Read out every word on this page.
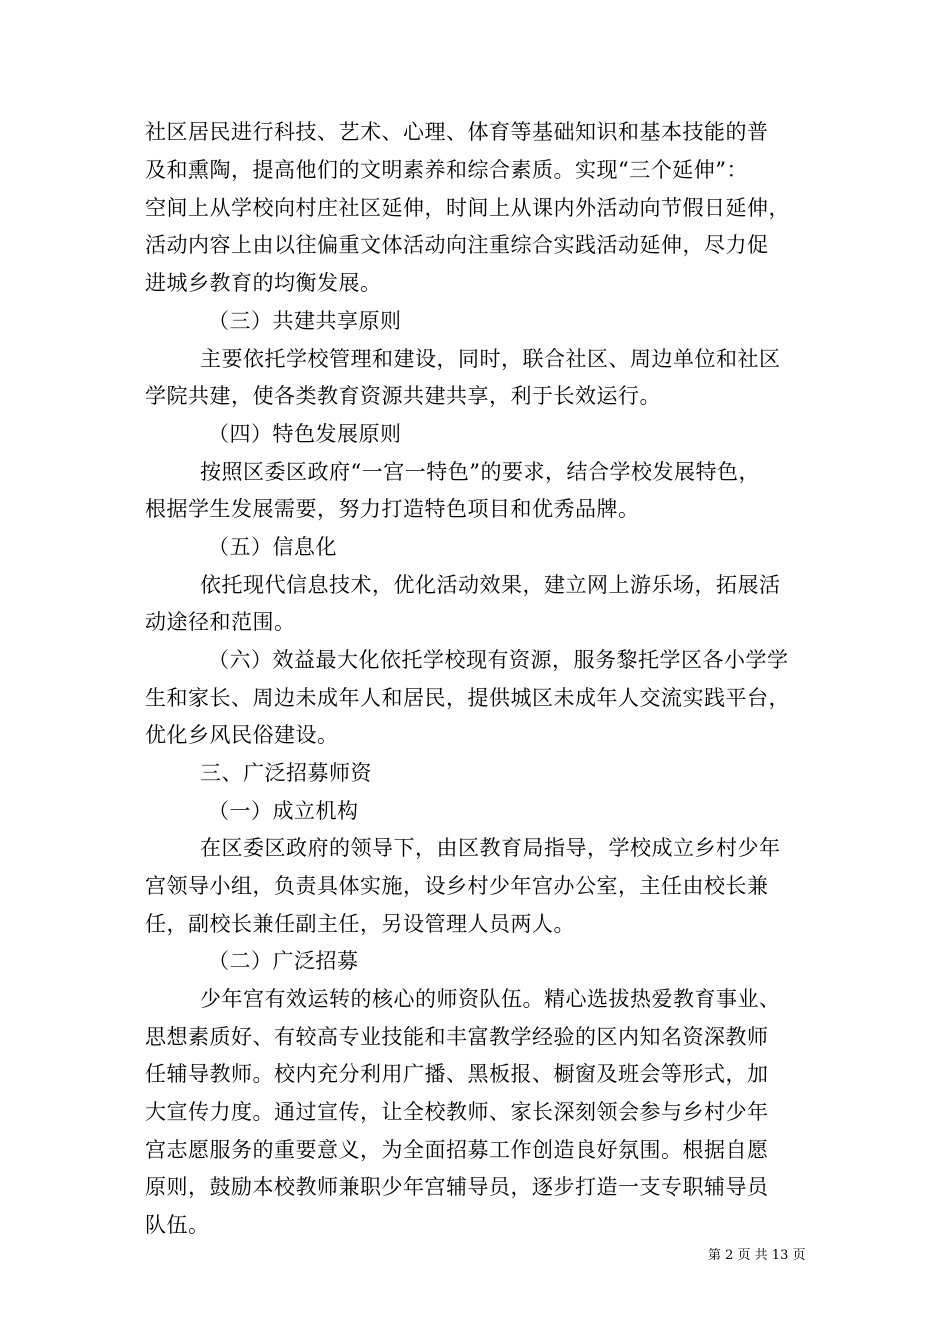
社区居民进行科技、艺术、心理、体育等基础知识和基本技能的普
及和熏陶，提高他们的文明素养和综合素质。实现“三个延伸”：
空间上从学校向村庄社区延伸，时间上从课内外活动向节假日延伸，
活动内容上由以往偏重文体活动向注重综合实践活动延伸，尽力促
进城乡教育的均衡发展。
（三）共建共享原则
主要依托学校管理和建设，同时，联合社区、周边单位和社区
学院共建，使各类教育资源共建共享，利于长效运行。
（四）特色发展原则
按照区委区政府“一宫一特色”的要求，结合学校发展特色，
根据学生发展需要，努力打造特色项目和优秀品牌。
（五）信息化
依托现代信息技术，优化活动效果，建立网上游乐场，拓展活
动途径和范围。
（六）效益最大化依托学校现有资源，服务黎托学区各小学学
生和家长、周边未成年人和居民，提供城区未成年人交流实践平台，
优化乡风民俗建设。
三、广泛招募师资
（一）成立机构
在区委区政府的领导下，由区教育局指导，学校成立乡村少年
宫领导小组，负责具体实施，设乡村少年宫办公室，主任由校长兼
任，副校长兼任副主任，另设管理人员两人。
（二）广泛招募
少年宫有效运转的核心的师资队伍。精心选拔热爱教育事业、
思想素质好、有较高专业技能和丰富教学经验的区内知名资深教师
任辅导教师。校内充分利用广播、黑板报、橱窗及班会等形式，加
大宣传力度。通过宣传，让全校教师、家长深刻领会参与乡村少年
宫志愿服务的重要意义，为全面招募工作创造良好氛围。根据自愿
原则，鼓励本校教师兼职少年宫辅导员，逐步打造一支专职辅导员
队伍。
第 2 页 共 13 页
